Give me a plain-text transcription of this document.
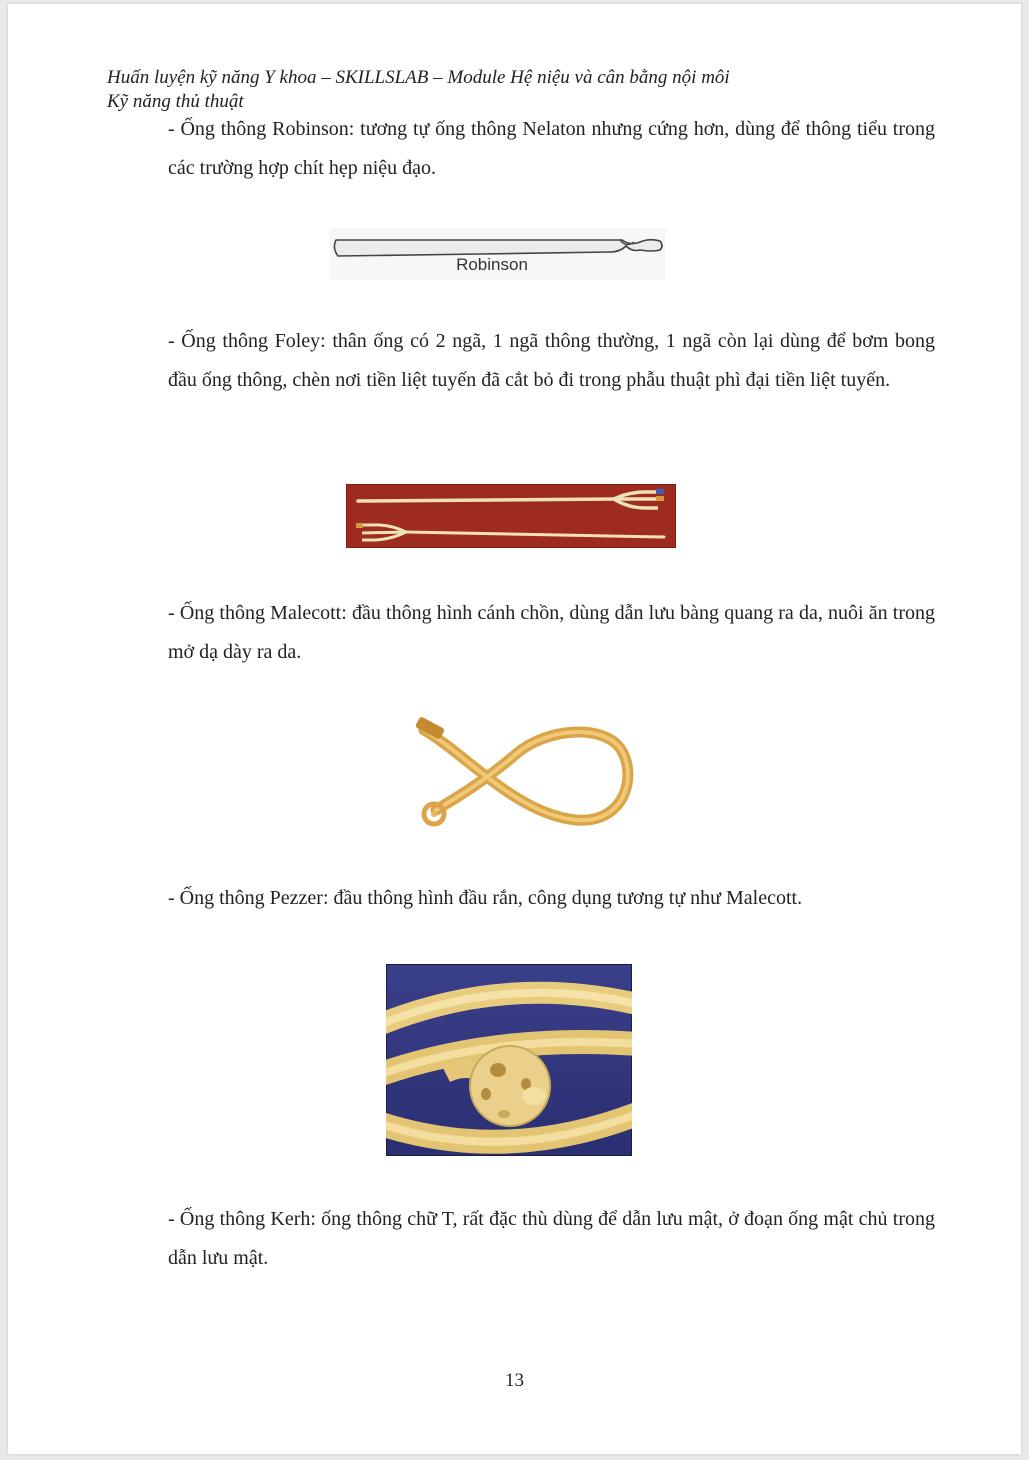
Huấn luyện kỹ năng Y khoa – SKILLSLAB – Module Hệ niệu và cân bằng nội môi
Kỹ năng thủ thuật

- Ống thông Robinson: tương tự ống thông Nelaton nhưng cứng hơn, dùng để thông tiểu trong các trường hợp chít hẹp niệu đạo.

Robinson

- Ống thông Foley: thân ống có 2 ngã, 1 ngã thông thường, 1 ngã còn lại dùng để bơm bong đầu ống thông, chèn nơi tiền liệt tuyến đã cắt bỏ đi trong phẫu thuật phì đại tiền liệt tuyến.

- Ống thông Malecott: đầu thông hình cánh chồn, dùng dẫn lưu bàng quang ra da, nuôi ăn trong mở dạ dày ra da.

- Ống thông Pezzer: đầu thông hình đầu rắn, công dụng tương tự như Malecott.

- Ống thông Kerh: ống thông chữ T, rất đặc thù dùng để dẫn lưu mật, ở đoạn ống mật chủ trong dẫn lưu mật.

13
